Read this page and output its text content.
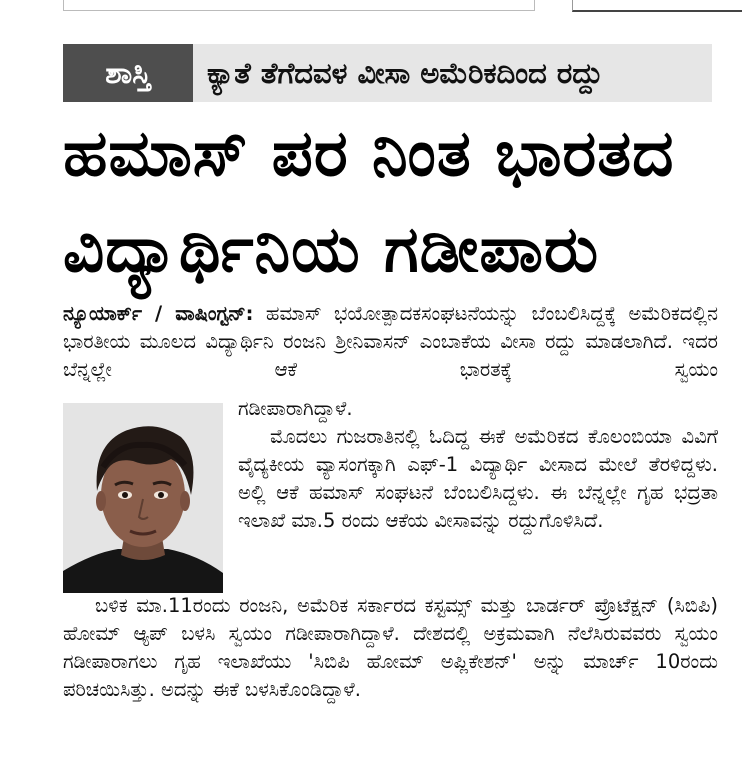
ಶಾಸ್ತಿ	ಕ್ಯಾತೆ ತೆಗೆದವಳ ವೀಸಾ ಅಮೆರಿಕದಿಂದ ರದ್ದು
ಹಮಾಸ್ ಪರ ನಿಂತ ಭಾರತದ
ವಿದ್ಯಾರ್ಥಿನಿಯ ಗಡೀಪಾರು
ನ್ಯೂಯಾರ್ಕ್ / ವಾಷಿಂಗ್ಟನ್: ಹಮಾಸ್ ಭಯೋತ್ಪಾದಕಸಂಘಟನೆಯನ್ನು ಬೆಂಬಲಿಸಿದ್ದಕ್ಕೆ ಅಮೆರಿಕದಲ್ಲಿನ ಭಾರತೀಯ ಮೂಲದ ವಿದ್ಯಾರ್ಥಿನಿ ರಂಜನಿ ಶ್ರೀನಿವಾಸನ್ ಎಂಬಾಕೆಯ ವೀಸಾ ರದ್ದು ಮಾಡಲಾಗಿದೆ. ಇದರ ಬೆನ್ನಲ್ಲೇ ಆಕೆ ಭಾರತಕ್ಕೆ ಸ್ವಯಂ

ಗಡೀಪಾರಾಗಿದ್ದಾಳೆ.

ಮೊದಲು ಗುಜರಾತಿನಲ್ಲಿ ಓದಿದ್ದ ಈಕೆ ಅಮೆರಿಕದ ಕೊಲಂಬಿಯಾ ವಿವಿಗೆ ವೈದ್ಯಕೀಯ ವ್ಯಾಸಂಗಕ್ಕಾಗಿ ಎಫ್-1 ವಿದ್ಯಾರ್ಥಿ ವೀಸಾದ ಮೇಲೆ ತೆರಳಿದ್ದಳು. ಅಲ್ಲಿ ಆಕೆ ಹಮಾಸ್ ಸಂಘಟನೆ ಬೆಂಬಲಿಸಿದ್ದಳು. ಈ ಬೆನ್ನಲ್ಲೇ ಗೃಹ ಭದ್ರತಾ ಇಲಾಖೆ ಮಾ.5 ರಂದು ಆಕೆಯ ವೀಸಾವನ್ನು ರದ್ದುಗೊಳಿಸಿದೆ.

ಬಳಿಕ ಮಾ.11ರಂದು ರಂಜನಿ, ಅಮೆರಿಕ ಸರ್ಕಾರದ ಕಸ್ಟಮ್ಸ್ ಮತ್ತು ಬಾರ್ಡರ್ ಪ್ರೊಟೆಕ್ಷನ್ (ಸಿಬಿಪಿ) ಹೋಮ್ ಆ್ಯಪ್ ಬಳಸಿ ಸ್ವಯಂ ಗಡೀಪಾರಾಗಿದ್ದಾಳೆ. ದೇಶದಲ್ಲಿ ಅಕ್ರಮವಾಗಿ ನೆಲೆಸಿರುವವರು ಸ್ವಯಂ ಗಡೀಪಾರಾಗಲು ಗೃಹ ಇಲಾಖೆಯು 'ಸಿಬಿಪಿ ಹೋಮ್ ಅಪ್ಲಿಕೇಶನ್' ಅನ್ನು ಮಾರ್ಚ್ 10ರಂದು ಪರಿಚಯಿಸಿತ್ತು. ಅದನ್ನು ಈಕೆ ಬಳಸಿಕೊಂಡಿದ್ದಾಳೆ.
